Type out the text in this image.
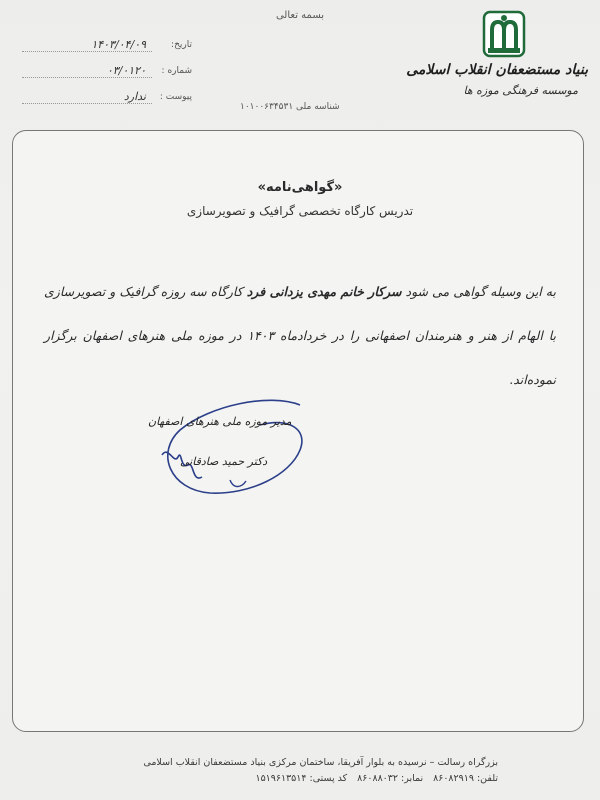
بسمه تعالی
بنیاد مستضعفان انقلاب اسلامی
موسسه فرهنگی موزه ها
شناسه ملی ۱۰۱۰۰۶۳۴۵۳۱
تاریخ:
۱۴۰۳/۰۴/۰۹
شماره :
۰۳/۰۱۲۰
پیوست :
ندارد
«گواهی‌نامه»
تدریس کارگاه تخصصی گرافیک و تصویرسازی
به این وسیله گواهی می شود سرکار خانم مهدی یزدانی فرد کارگاه سه روزه گرافیک و تصویرسازی با الهام از هنر و هنرمندان اصفهانی را در خردادماه ۱۴۰۳ در موزه ملی هنرهای اصفهان برگزار نموده‌اند.
مدیر موزه ملی هنرهای اصفهان
دکتر حمید صادقانی
بزرگراه رسالت – نرسیده به بلوار آفریقا، ساختمان مرکزی بنیاد مستضعفان انقلاب اسلامی
تلفن: ۸۶۰۸۲۹۱۹نمابر: ۸۶۰۸۸۰۳۲کد پستی: ۱۵۱۹۶۱۳۵۱۴
